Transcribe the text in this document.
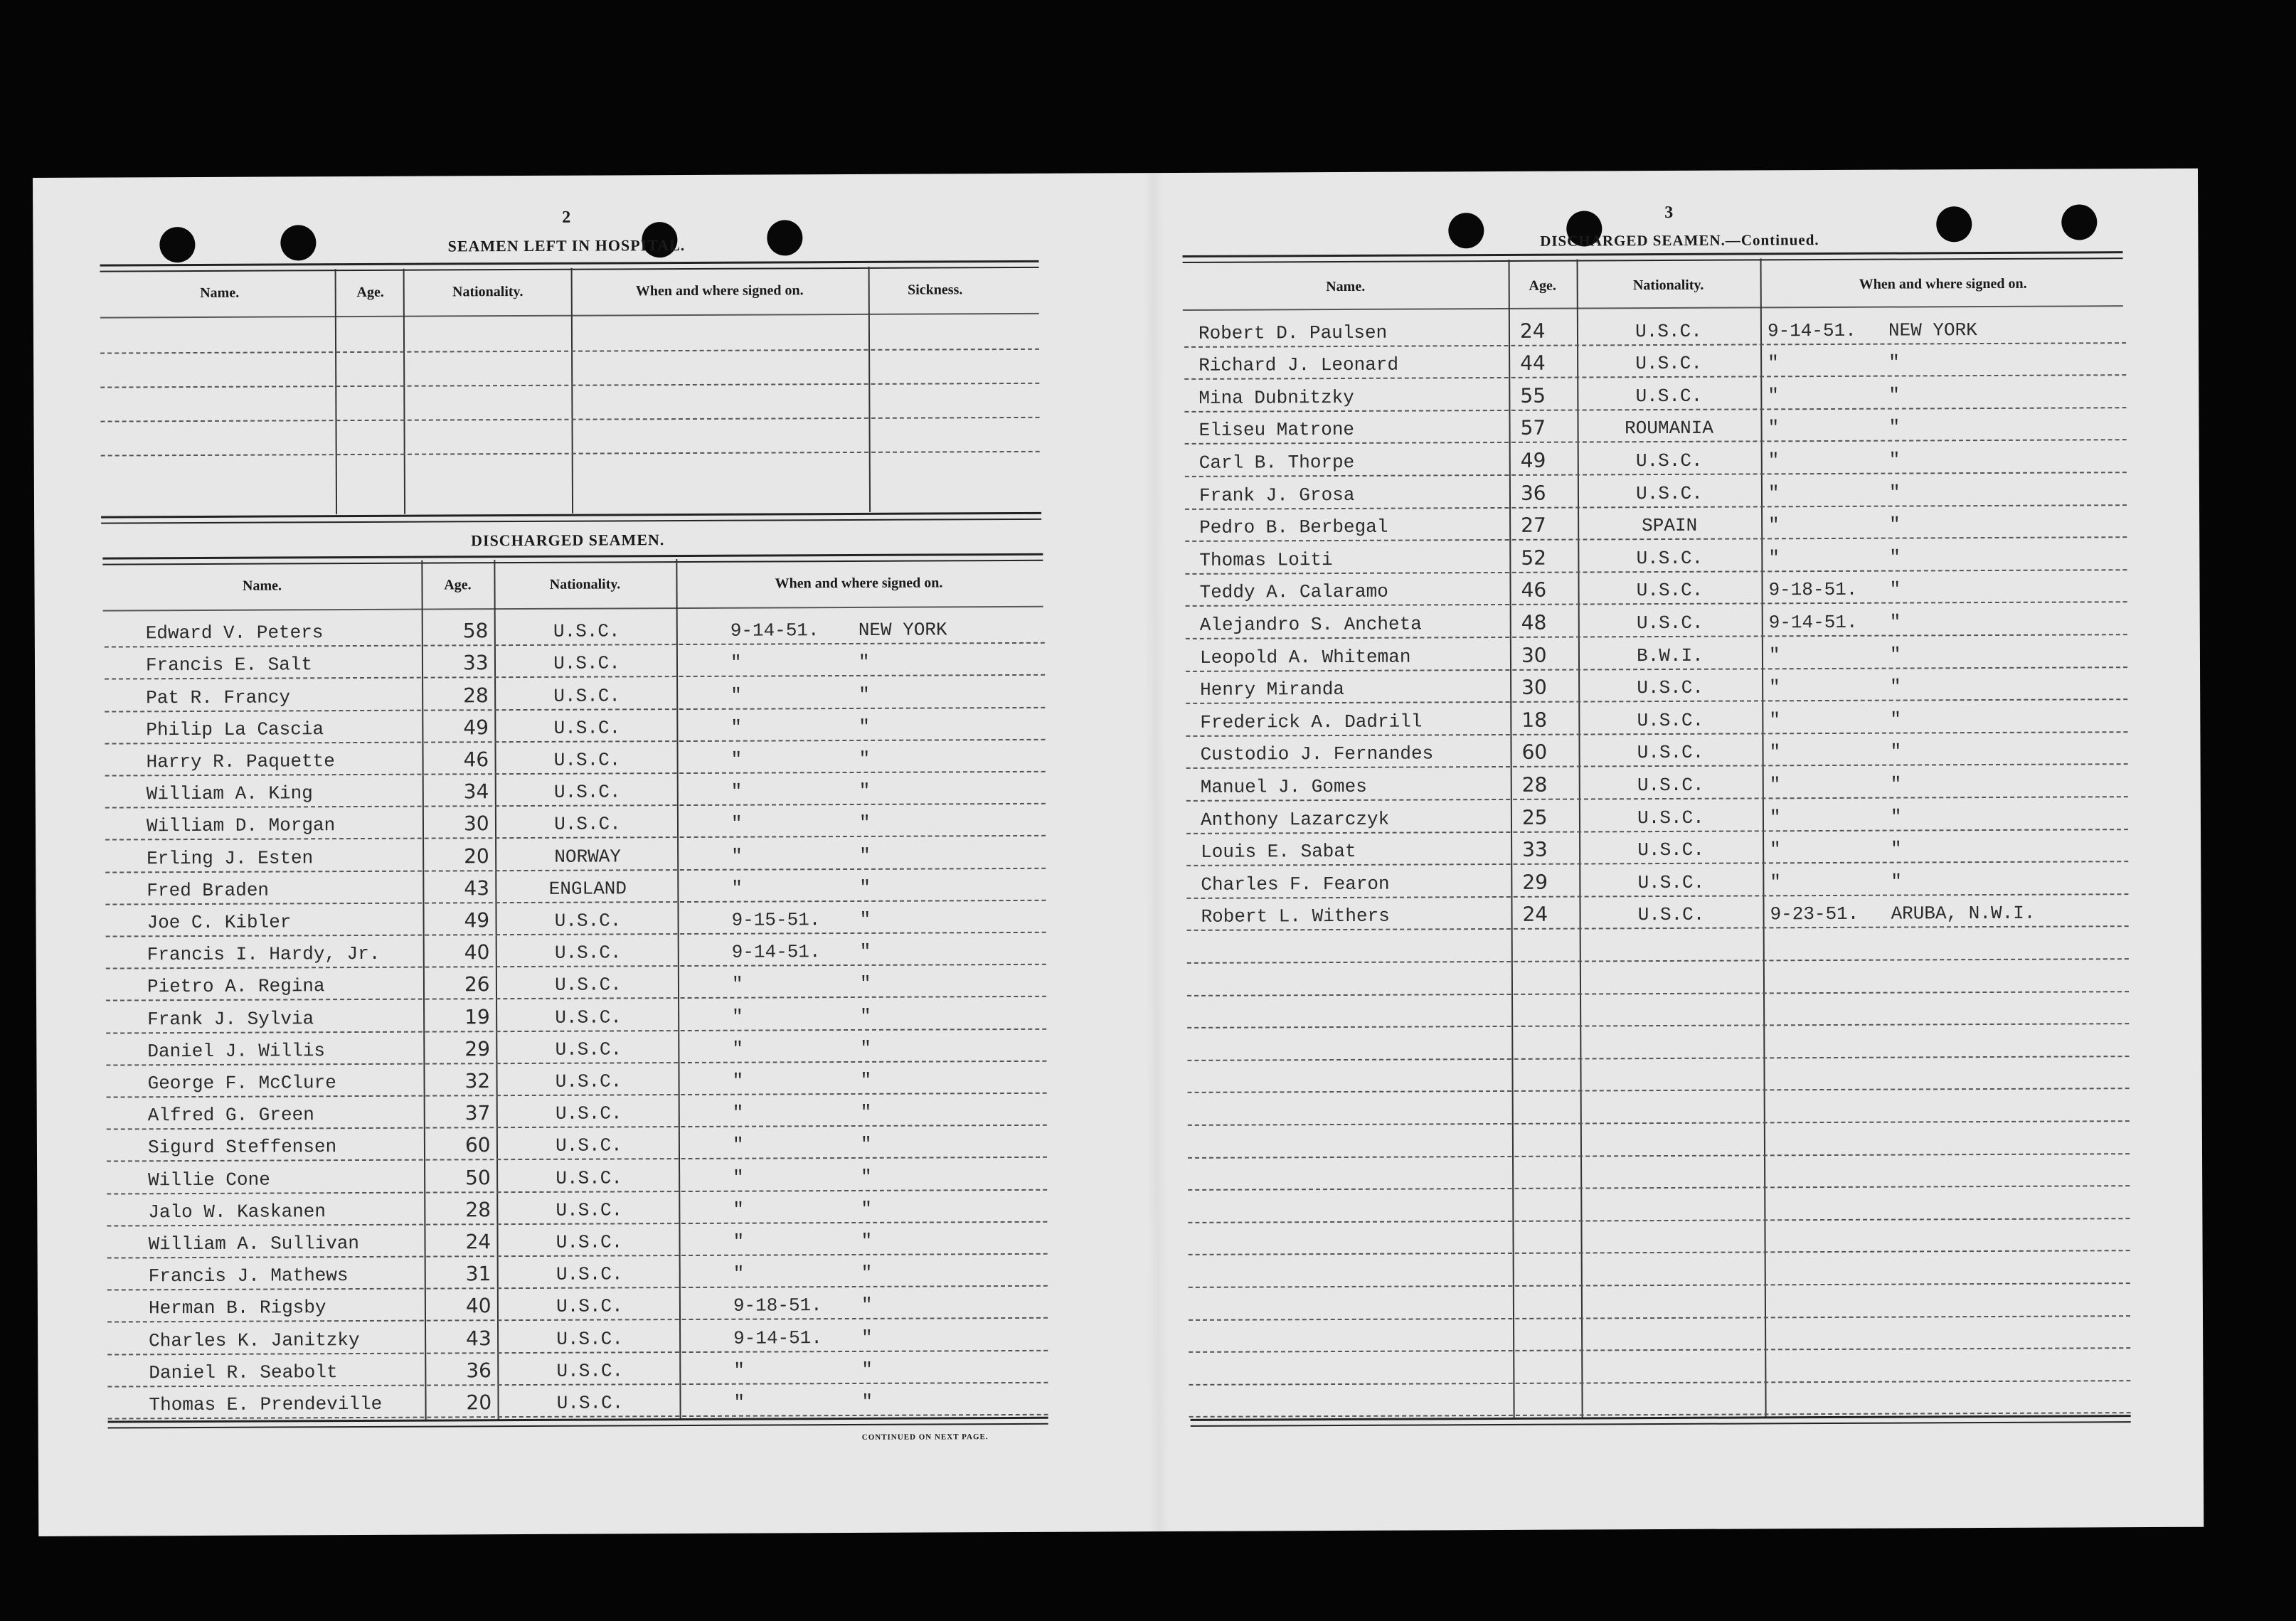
2
SEAMEN LEFT IN HOSPITAL.
Name.	Age.	Nationality.	When and where signed on.	Sickness.
DISCHARGED SEAMEN.
Name.	Age.	Nationality.	When and where signed on.
Edward V. Peters	58	U.S.C.	9-14-51. NEW YORK
Francis E. Salt	33	U.S.C.	"	"
Pat R. Francy	28	U.S.C.	"	"
Philip La Cascia	49	U.S.C.	"	"
Harry R. Paquette	46	U.S.C.	"	"
William A. King	34	U.S.C.	"	"
William D. Morgan	30	U.S.C.	"	"
Erling J. Esten	20	NORWAY	"	"
Fred Braden	43	ENGLAND	"	"
Joe C. Kibler	49	U.S.C.	9-15-51. "
Francis I. Hardy, Jr.	40	U.S.C.	9-14-51. "
Pietro A. Regina	26	U.S.C.	"	"
Frank J. Sylvia	19	U.S.C.	"	"
Daniel J. Willis	29	U.S.C.	"	"
George F. McClure	32	U.S.C.	"	"
Alfred G. Green	37	U.S.C.	"	"
Sigurd Steffensen	60	U.S.C.	"	"
Willie Cone	50	U.S.C.	"	"
Jalo W. Kaskanen	28	U.S.C.	"	"
William A. Sullivan	24	U.S.C.	"	"
Francis J. Mathews	31	U.S.C.	"	"
Herman B. Rigsby	40	U.S.C.	9-18-51. "
Charles K. Janitzky	43	U.S.C.	9-14-51. "
Daniel R. Seabolt	36	U.S.C.	"	"
Thomas E. Prendeville	20	U.S.C.	"	"
CONTINUED ON NEXT PAGE.
3
DISCHARGED SEAMEN.—Continued.
Name.	Age.	Nationality.	When and where signed on.
Robert D. Paulsen	24	U.S.C.	9-14-51. NEW YORK
Richard J. Leonard	44	U.S.C.	"	"
Mina Dubnitzky	55	U.S.C.	"	"
Eliseu Matrone	57	ROUMANIA	"	"
Carl B. Thorpe	49	U.S.C.	"	"
Frank J. Grosa	36	U.S.C.	"	"
Pedro B. Berbegal	27	SPAIN	"	"
Thomas Loiti	52	U.S.C.	"	"
Teddy A. Calaramo	46	U.S.C.	9-18-51. "
Alejandro S. Ancheta	48	U.S.C.	9-14-51. "
Leopold A. Whiteman	30	B.W.I.	"	"
Henry Miranda	30	U.S.C.	"	"
Frederick A. Dadrill	18	U.S.C.	"	"
Custodio J. Fernandes	60	U.S.C.	"	"
Manuel J. Gomes	28	U.S.C.	"	"
Anthony Lazarczyk	25	U.S.C.	"	"
Louis E. Sabat	33	U.S.C.	"	"
Charles F. Fearon	29	U.S.C.	"	"
Robert L. Withers	24	U.S.C.	9-23-51. ARUBA, N.W.I.
